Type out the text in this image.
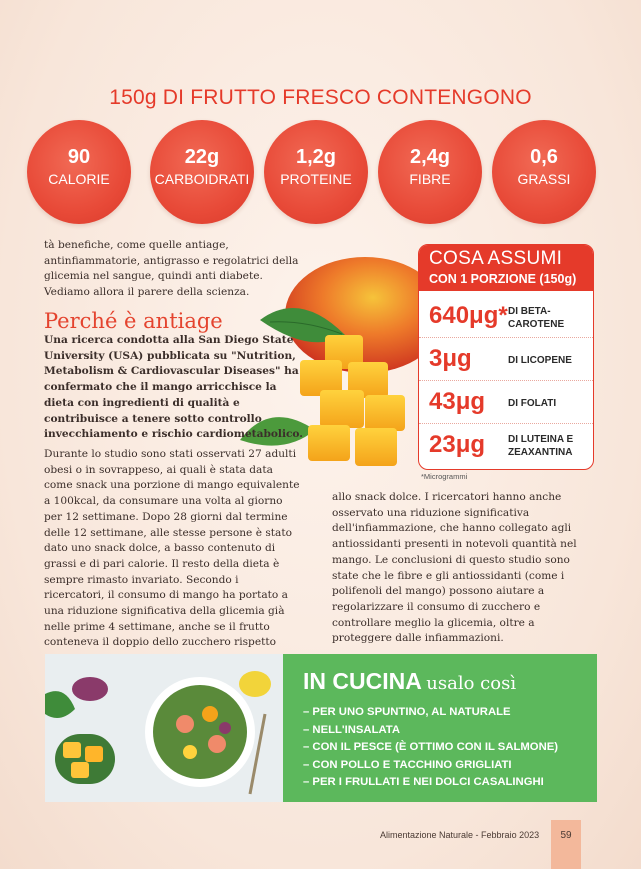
150g DI FRUTTO FRESCO CONTENGONO
90
CALORIE
22g
CARBOIDRATI
1,2g
PROTEINE
2,4g
FIBRE
0,6
GRASSI
tà benefiche, come quelle antiage, antinfiammatorie, antigrasso e regolatrici della glicemia nel sangue, quindi anti diabete. Vediamo allora il parere della scienza.
Perché è antiage
Una ricerca condotta alla San Diego State University (USA) pubblicata su "Nutrition, Metabolism & Cardiovascular Diseases" ha confermato che il mango arricchisce la dieta con ingredienti di qualità e contribuisce a tenere sotto controllo invecchiamento e rischio cardiometabolico.
Durante lo studio sono stati osservati 27 adulti obesi o in sovrappeso, ai quali è stata data come snack una porzione di mango equivalente a 100kcal, da consumare una volta al giorno per 12 settimane. Dopo 28 giorni dal termine delle 12 settimane, alle stesse persone è stato dato uno snack dolce, a basso contenuto di grassi e di pari calorie. Il resto della dieta è sempre rimasto invariato. Secondo i ricercatori, il consumo di mango ha portato a una riduzione significativa della glicemia già nelle prime 4 settimane, anche se il frutto conteneva il doppio dello zucchero rispetto
allo snack dolce. I ricercatori hanno anche osservato una riduzione significativa dell'infiammazione, che hanno collegato agli antiossidanti presenti in notevoli quantità nel mango. Le conclusioni di questo studio sono state che le fibre e gli antiossidanti (come i polifenoli del mango) possono aiutare a regolarizzare il consumo di zucchero e controllare meglio la glicemia, oltre a proteggere dalle infiammazioni.
COSA ASSUMI
CON 1 PORZIONE (150g)
640μg* DI BETA-CAROTENE
3μg	DI LICOPENE
43μg DI FOLATI
23μg DI LUTEINA E ZEAXANTINA
*Microgrammi
IN CUCINA usalo così
– PER UNO SPUNTINO, AL NATURALE
– NELL'INSALATA
– CON IL PESCE (È OTTIMO CON IL SALMONE)
– CON POLLO E TACCHINO GRIGLIATI
– PER I FRULLATI E NEI DOLCI CASALINGHI
Alimentazione Naturale - Febbraio 2023	59
